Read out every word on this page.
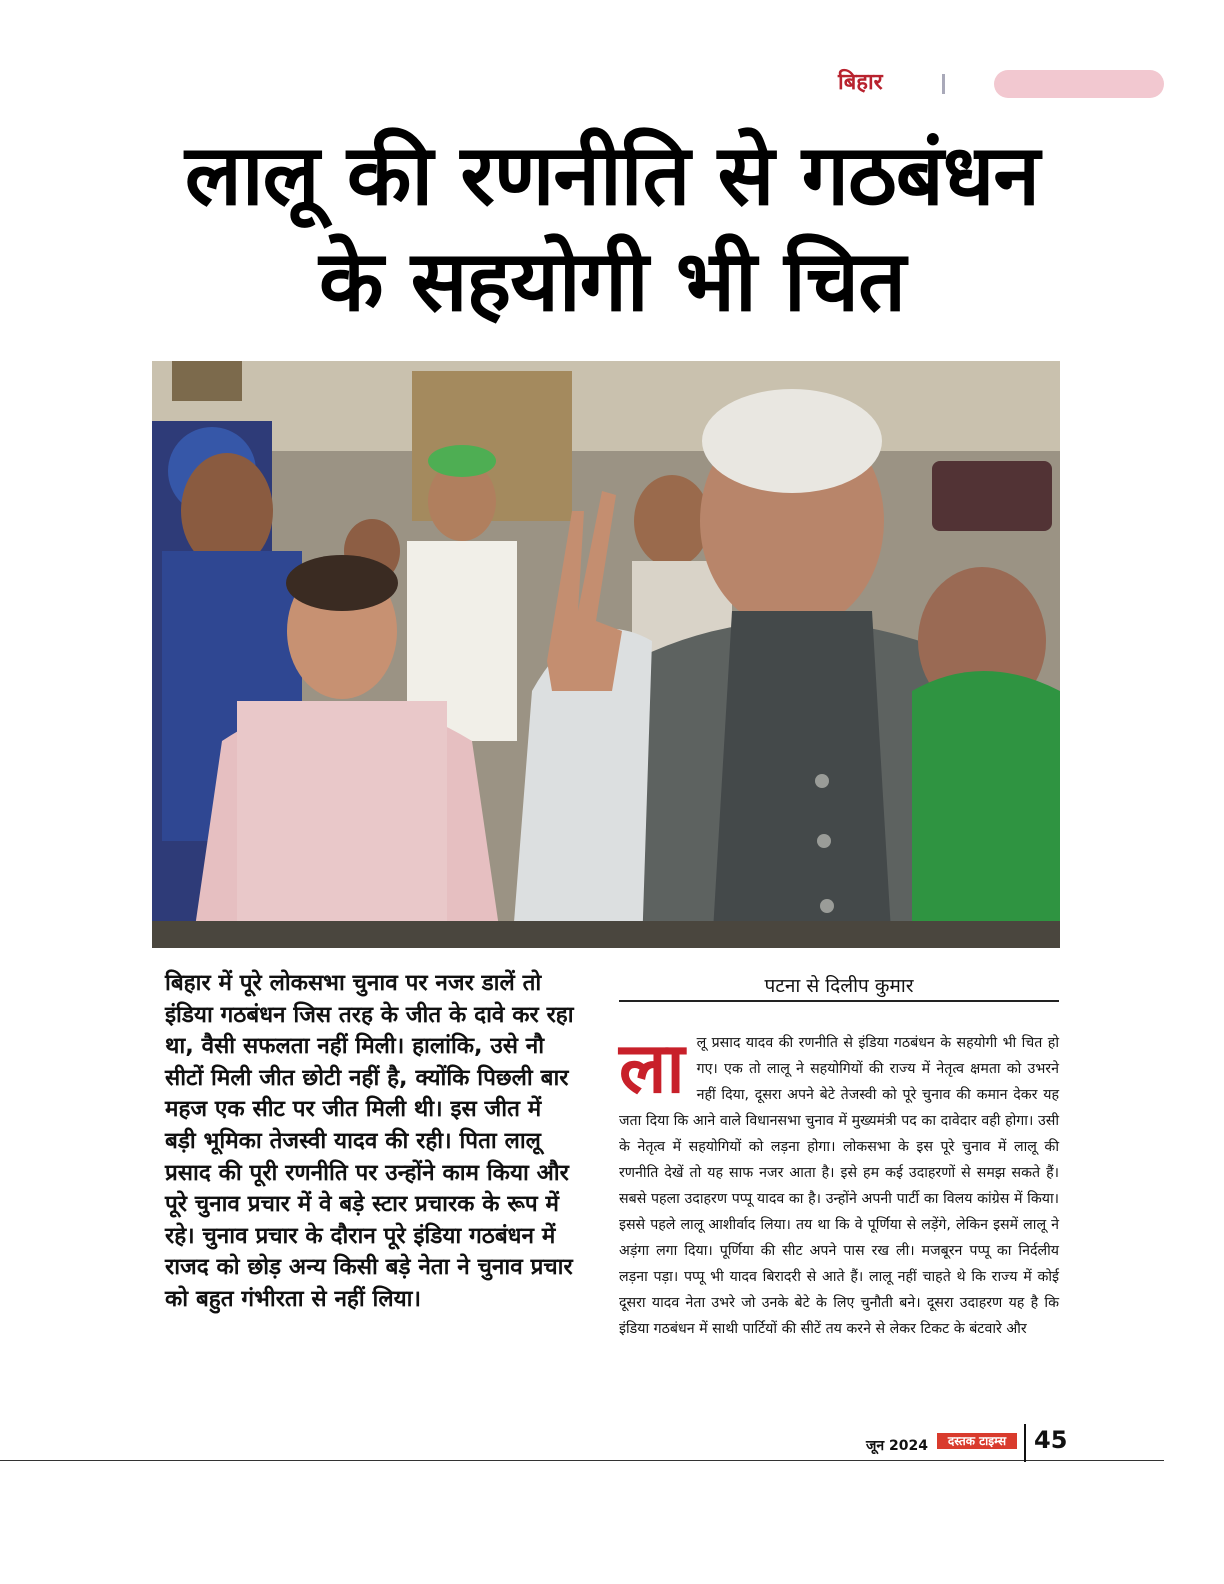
बिहार
लालू की रणनीति से गठबंधन
के सहयोगी भी चित
बिहार में पूरे लोकसभा चुनाव पर नजर डालें तो इंडिया गठबंधन जिस तरह के जीत के दावे कर रहा था, वैसी सफलता नहीं मिली। हालांकि, उसे नौ सीटों मिली जीत छोटी नहीं है, क्योंकि पिछली बार महज एक सीट पर जीत मिली थी। इस जीत में बड़ी भूमिका तेजस्वी यादव की रही। पिता लालू प्रसाद की पूरी रणनीति पर उन्होंने काम किया और पूरे चुनाव प्रचार में वे बड़े स्टार प्रचारक के रूप में रहे। चुनाव प्रचार के दौरान पूरे इंडिया गठबंधन में राजद को छोड़ अन्य किसी बड़े नेता ने चुनाव प्रचार को बहुत गंभीरता से नहीं लिया।
पटना से दिलीप कुमार
ला लू प्रसाद यादव की रणनीति से इंडिया गठबंधन के सहयोगी भी चित हो गए। एक तो लालू ने सहयोगियों की राज्य में नेतृत्व क्षमता को उभरने नहीं दिया, दूसरा अपने बेटे तेजस्वी को पूरे चुनाव की कमान देकर यह जता दिया कि आने वाले विधानसभा चुनाव में मुख्यमंत्री पद का दावेदार वही होगा। उसी के नेतृत्व में सहयोगियों को लड़ना होगा। लोकसभा के इस पूरे चुनाव में लालू की रणनीति देखें तो यह साफ नजर आता है। इसे हम कई उदाहरणों से समझ सकते हैं। सबसे पहला उदाहरण पप्पू यादव का है। उन्होंने अपनी पार्टी का विलय कांग्रेस में किया। इससे पहले लालू आशीर्वाद लिया। तय था कि वे पूर्णिया से लड़ेंगे, लेकिन इसमें लालू ने अड़ंगा लगा दिया। पूर्णिया की सीट अपने पास रख ली। मजबूरन पप्पू का निर्दलीय लड़ना पड़ा। पप्पू भी यादव बिरादरी से आते हैं। लालू नहीं चाहते थे कि राज्य में कोई दूसरा यादव नेता उभरे जो उनके बेटे के लिए चुनौती बने। दूसरा उदाहरण यह है कि इंडिया गठबंधन में साथी पार्टियों की सीटें तय करने से लेकर टिकट के बंटवारे और
जून 2024	दस्तक टाइम्स	45
